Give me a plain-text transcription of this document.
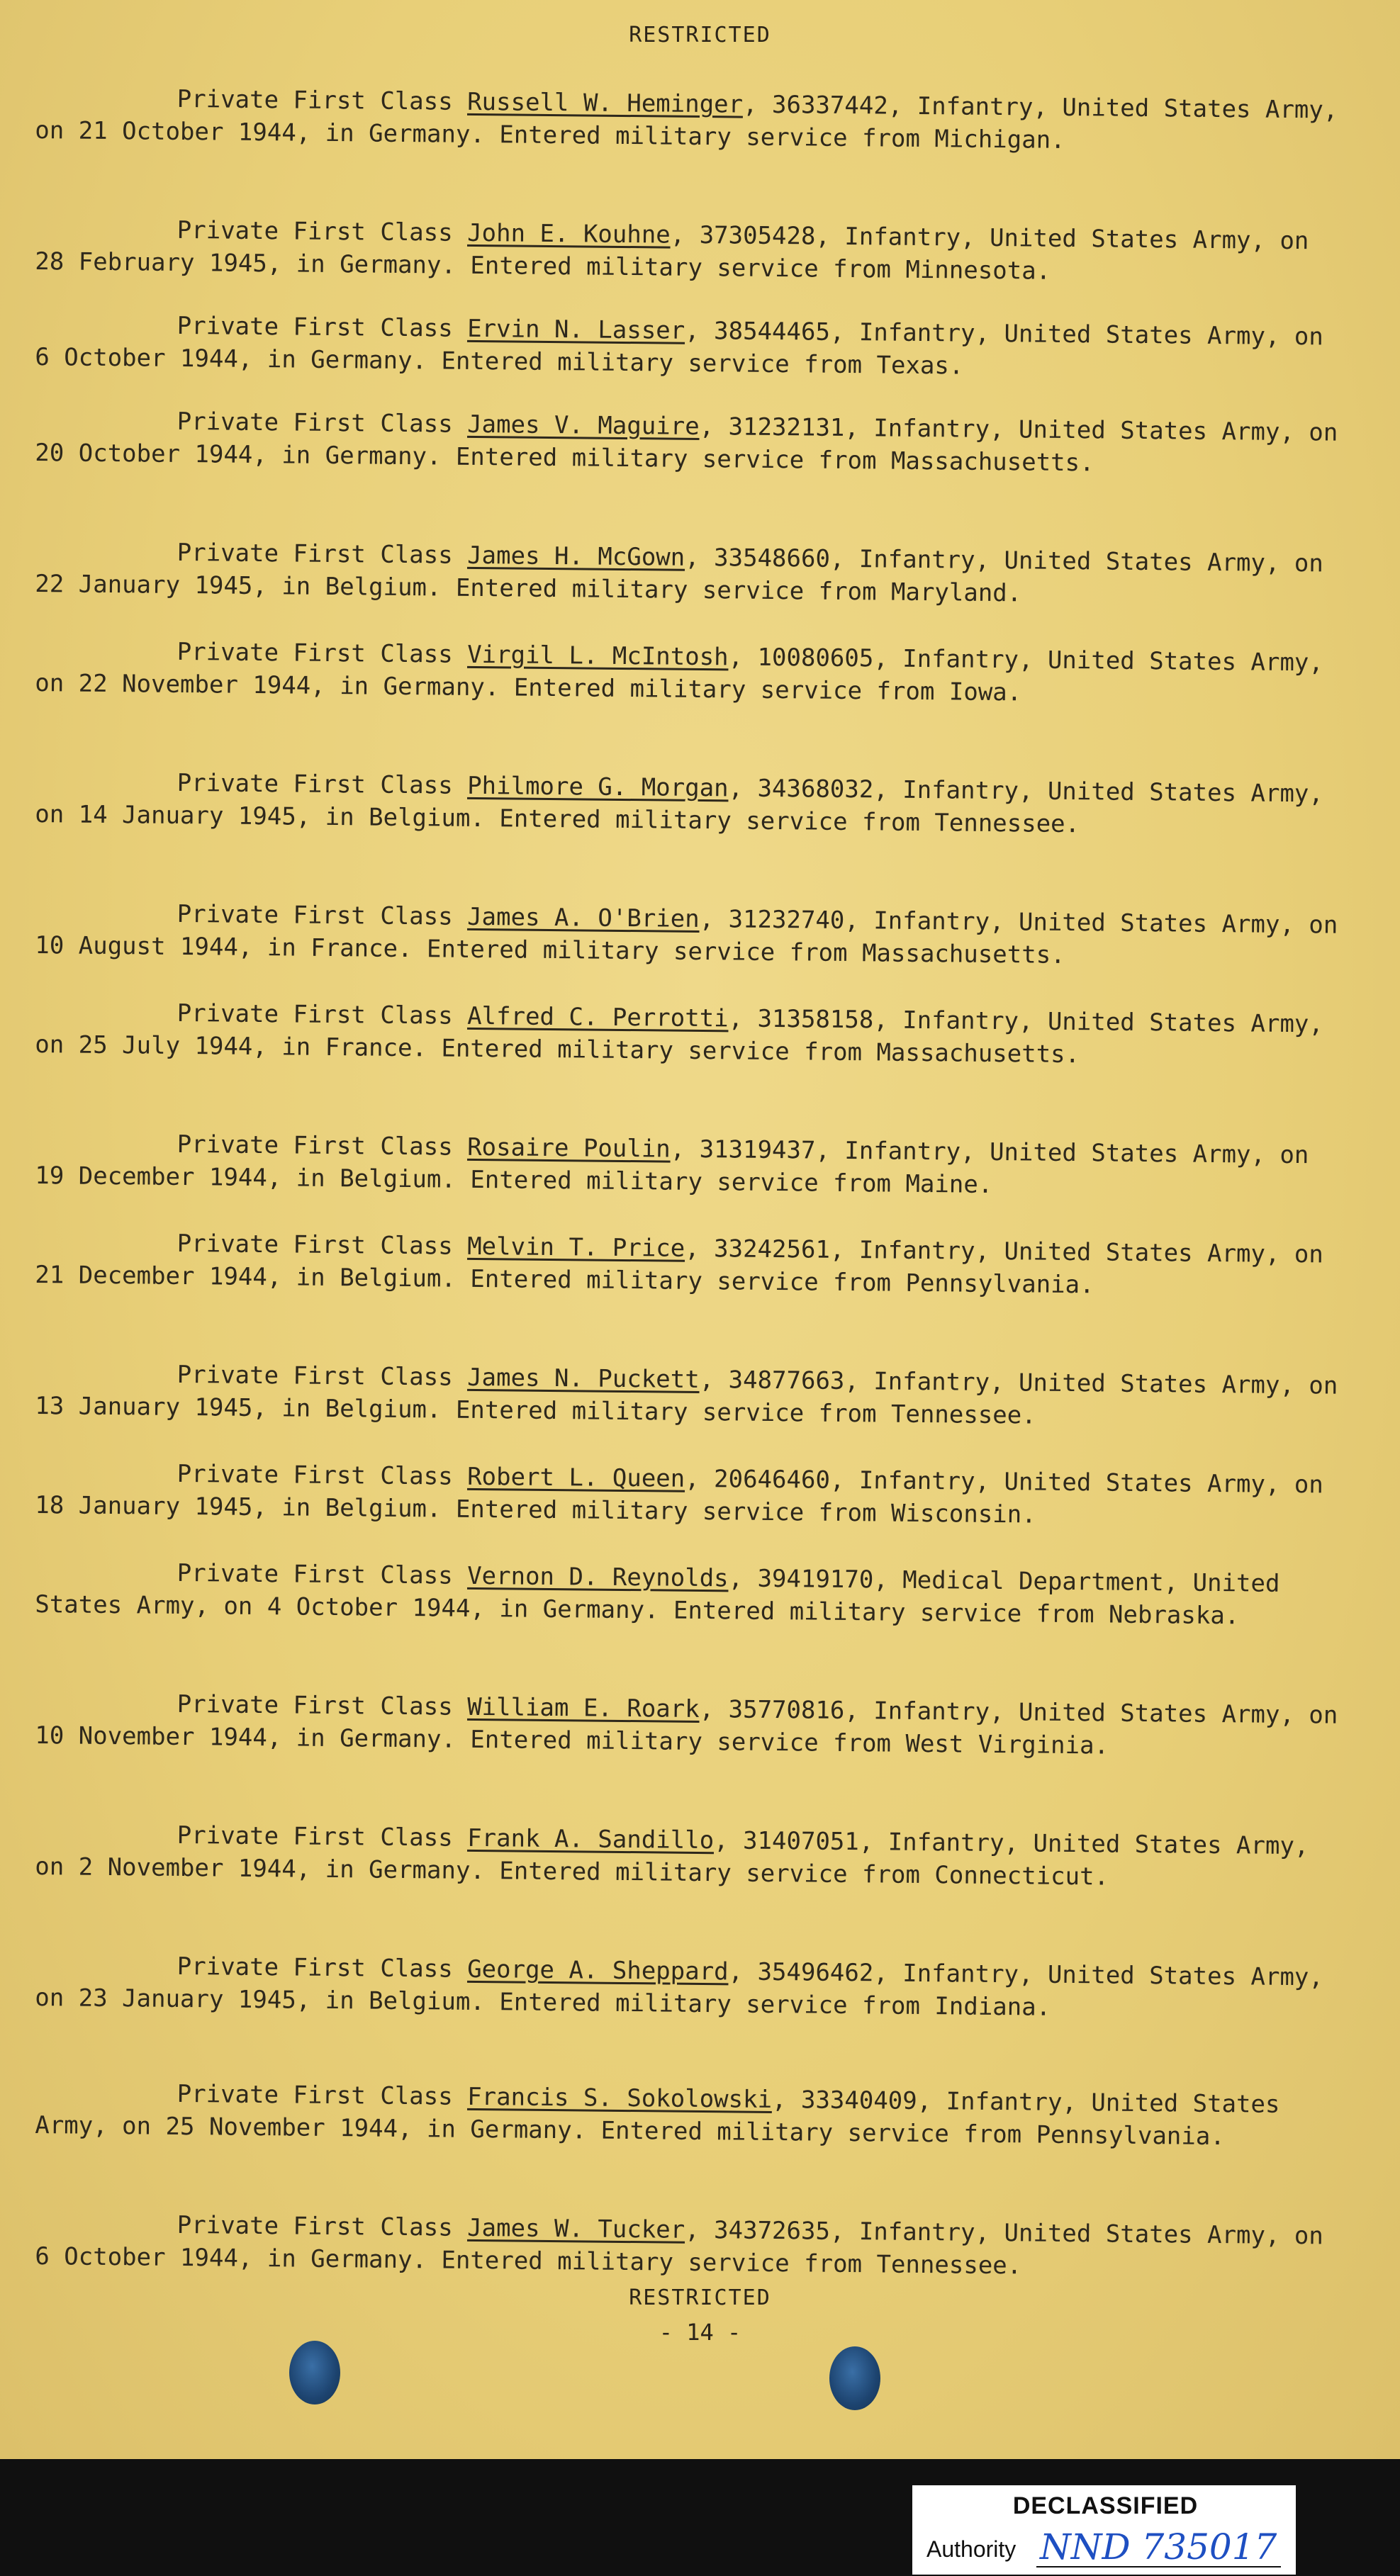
RESTRICTED

Private First Class Russell W. Heminger, 36337442, Infantry, United States Army, on 21 October 1944, in Germany. Entered military service from Michigan.

Private First Class John E. Kouhne, 37305428, Infantry, United States Army, on 28 February 1945, in Germany. Entered military service from Minnesota.

Private First Class Ervin N. Lasser, 38544465, Infantry, United States Army, on 6 October 1944, in Germany. Entered military service from Texas.

Private First Class James V. Maguire, 31232131, Infantry, United States Army, on 20 October 1944, in Germany. Entered military service from Massachusetts.

Private First Class James H. McGown, 33548660, Infantry, United States Army, on 22 January 1945, in Belgium. Entered military service from Maryland.

Private First Class Virgil L. McIntosh, 10080605, Infantry, United States Army, on 22 November 1944, in Germany. Entered military service from Iowa.

Private First Class Philmore G. Morgan, 34368032, Infantry, United States Army, on 14 January 1945, in Belgium. Entered military service from Tennessee.

Private First Class James A. O'Brien, 31232740, Infantry, United States Army, on 10 August 1944, in France. Entered military service from Massachusetts.

Private First Class Alfred C. Perrotti, 31358158, Infantry, United States Army, on 25 July 1944, in France. Entered military service from Massachusetts.

Private First Class Rosaire Poulin, 31319437, Infantry, United States Army, on 19 December 1944, in Belgium. Entered military service from Maine.

Private First Class Melvin T. Price, 33242561, Infantry, United States Army, on 21 December 1944, in Belgium. Entered military service from Pennsylvania.

Private First Class James N. Puckett, 34877663, Infantry, United States Army, on 13 January 1945, in Belgium. Entered military service from Tennessee.

Private First Class Robert L. Queen, 20646460, Infantry, United States Army, on 18 January 1945, in Belgium. Entered military service from Wisconsin.

Private First Class Vernon D. Reynolds, 39419170, Medical Department, United States Army, on 4 October 1944, in Germany. Entered military service from Nebraska.

Private First Class William E. Roark, 35770816, Infantry, United States Army, on 10 November 1944, in Germany. Entered military service from West Virginia.

Private First Class Frank A. Sandillo, 31407051, Infantry, United States Army, on 2 November 1944, in Germany. Entered military service from Connecticut.

Private First Class George A. Sheppard, 35496462, Infantry, United States Army, on 23 January 1945, in Belgium. Entered military service from Indiana.

Private First Class Francis S. Sokolowski, 33340409, Infantry, United States Army, on 25 November 1944, in Germany. Entered military service from Pennsylvania.

Private First Class James W. Tucker, 34372635, Infantry, United States Army, on 6 October 1944, in Germany. Entered military service from Tennessee.

RESTRICTED
- 14 -
DECLASSIFIED
Authority NND 735017
